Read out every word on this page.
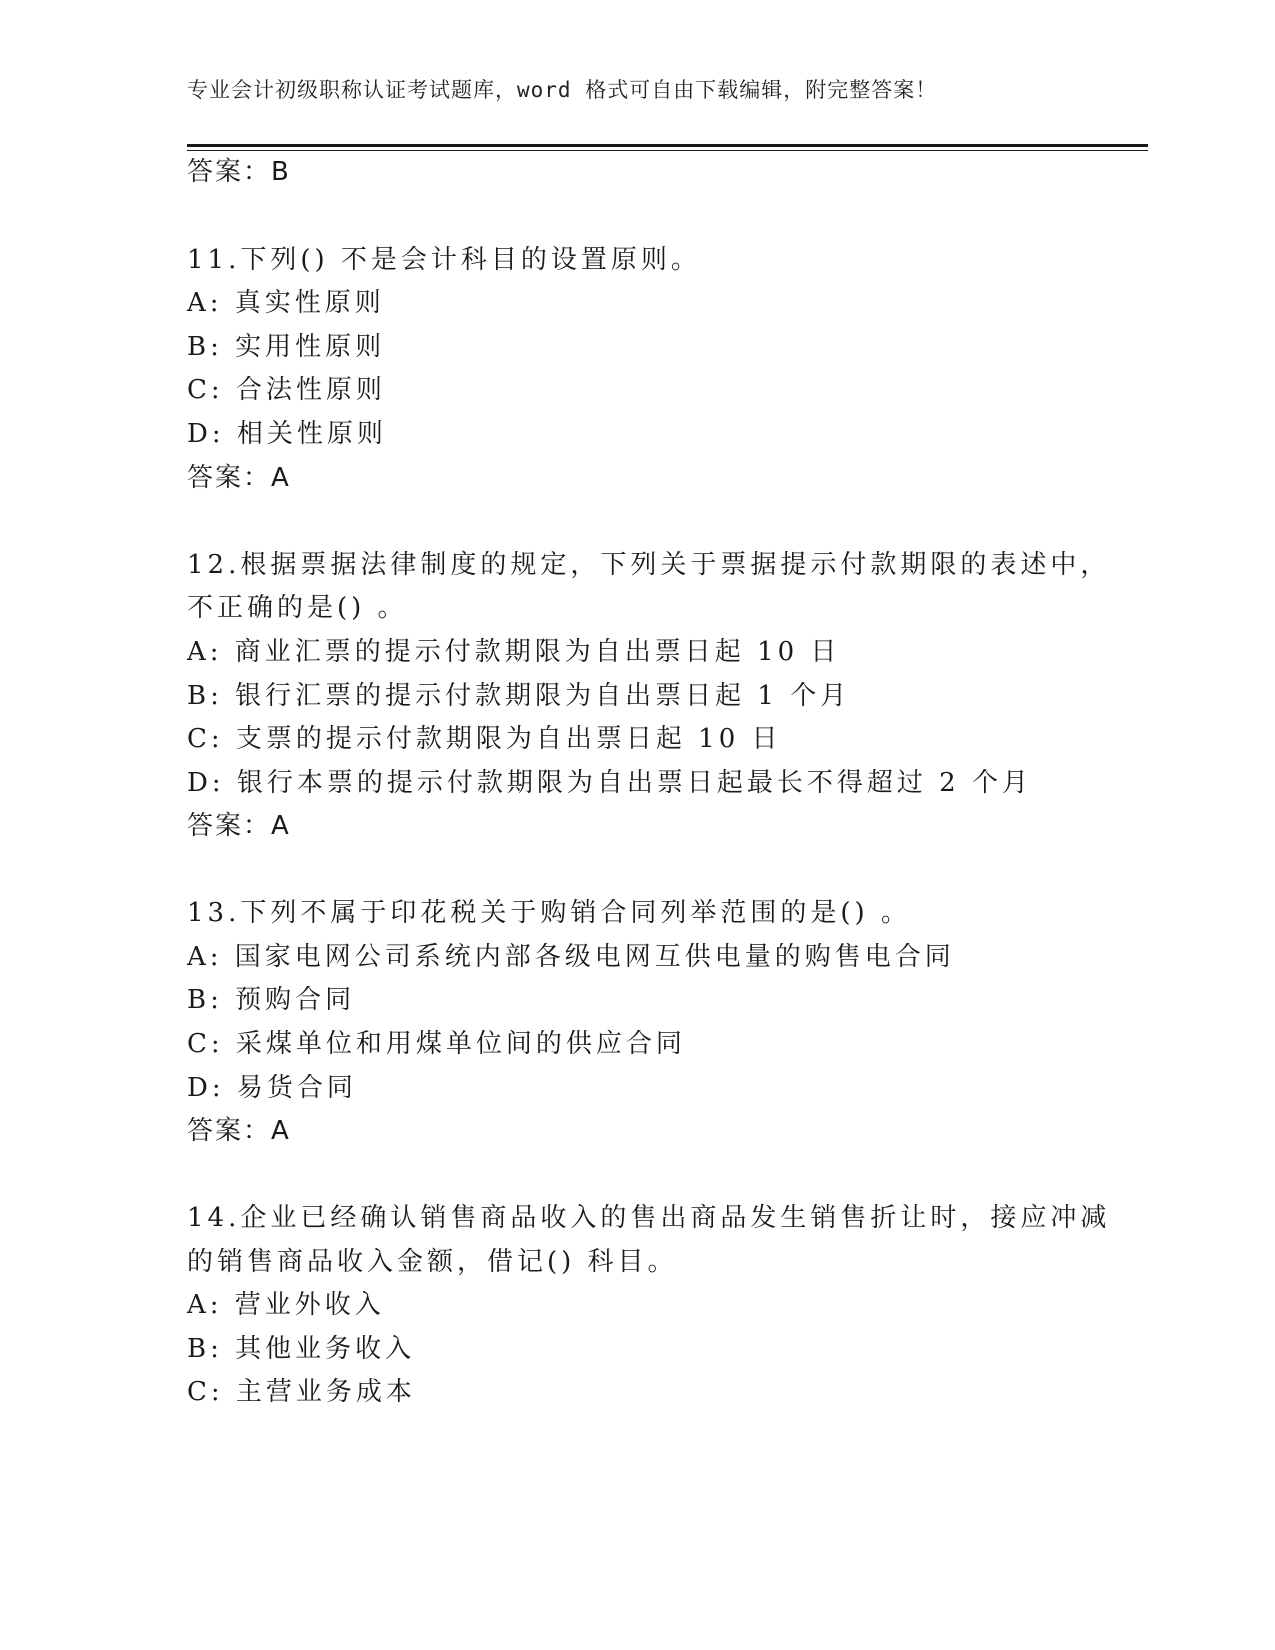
专业会计初级职称认证考试题库，word 格式可自由下载编辑，附完整答案！
答案：B
11.下列() 不是会计科目的设置原则。
A: 真实性原则
B: 实用性原则
C: 合法性原则
D: 相关性原则
答案：A
12.根据票据法律制度的规定，下列关于票据提示付款期限的表述中，
不正确的是() 。
A: 商业汇票的提示付款期限为自出票日起 10 日
B: 银行汇票的提示付款期限为自出票日起 1 个月
C: 支票的提示付款期限为自出票日起 10 日
D: 银行本票的提示付款期限为自出票日起最长不得超过 2 个月
答案：A
13.下列不属于印花税关于购销合同列举范围的是() 。
A: 国家电网公司系统内部各级电网互供电量的购售电合同
B: 预购合同
C: 采煤单位和用煤单位间的供应合同
D: 易货合同
答案：A
14.企业已经确认销售商品收入的售出商品发生销售折让时，接应冲减
的销售商品收入金额，借记() 科目。
A: 营业外收入
B: 其他业务收入
C: 主营业务成本
